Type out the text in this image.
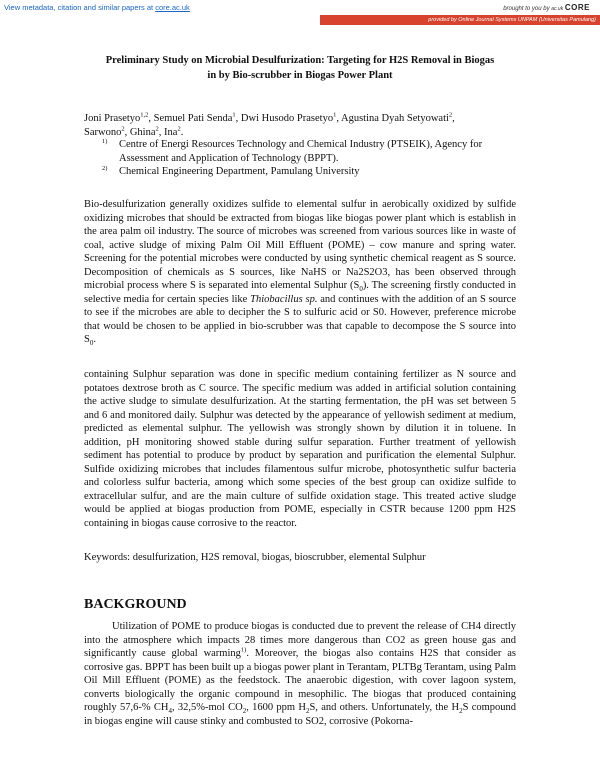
View metadata, citation and similar papers at core.ac.uk	brought to you by ac.uk CORE
provided by Online Journal Systems UNPAM (Universitas Pamulang)
Preliminary Study on Microbial Desulfurization: Targeting for H2S Removal in Biogas
in by Bio-scrubber in Biogas Power Plant
Joni Prasetyo$^{1,2}$, Semuel Pati Senda$^1$, Dwi Husodo Prasetyo$^1$, Agustina Dyah Setyowati$^2$,
Sarwono$^2$, Ghina$^2$, Ina$^2$.
1) Centre of Energi Resources Technology and Chemical Industry (PTSEIK), Agency for
Assessment and Application of Technology (BPPT).
2) Chemical Engineering Department, Pamulang University

Bio-desulfurization generally oxidizes sulfide to elemental sulfur in aerobically oxidized by sulfide oxidizing microbes that should be extracted from biogas like biogas power plant which is establish in the area palm oil industry. The source of microbes was screened from various sources like in waste of coal, active sludge of mixing Palm Oil Mill Effluent (POME) – cow manure and spring water. Screening for the potential microbes were conducted by using synthetic chemical reagent as S source. Decomposition of chemicals as S sources, like NaHS or Na2S2O3, has been observed through microbial process where S is separated into elemental Sulphur $(S_0)$. The screening firstly conducted in selective media for certain species like Thiobacillus sp. and continues with the addition of an S source to see if the microbes are able to decipher the S to sulfuric acid or S0. However, preference microbe that would be chosen to be applied in bio-scrubber was that capable to decompose the S source into $S_0$.

containing Sulphur separation was done in specific medium containing fertilizer as N source and potatoes dextrose broth as C source. The specific medium was added in artificial solution containing the active sludge to simulate desulfurization. At the starting fermentation, the pH was set between 5 and 6 and monitored daily. Sulphur was detected by the appearance of yellowish sediment at medium, predicted as elemental sulphur. The yellowish was strongly shown by dilution it in toluene. In addition, pH monitoring showed stable during sulfur separation. Further treatment of yellowish sediment has potential to produce by product by separation and purification the elemental Sulphur. Sulfide oxidizing microbes that includes filamentous sulfur microbe, photosynthetic sulfur bacteria and colorless sulfur bacteria, among which some species of the best group can oxidize sulfide to extracellular sulfur, and are the main culture of sulfide oxidation stage. This treated active sludge would be applied at biogas production from POME, especially in CSTR because 1200 ppm H2S containing in biogas cause corrosive to the reactor.

Keywords: desulfurization, H2S removal, biogas, bioscrubber, elemental Sulphur

BACKGROUND

Utilization of POME to produce biogas is conducted due to prevent the release of CH4 directly into the atmosphere which impacts 28 times more dangerous than CO2 as green house gas and significantly cause global warming$^{1)}$. Moreover, the biogas also contains H2S that consider as corrosive gas. BPPT has been built up a biogas power plant in Terantam, PLTBg Terantam, using Palm Oil Mill Effluent (POME) as the feedstock. The anaerobic digestion, with cover lagoon system, converts biologically the organic compound in mesophilic. The biogas that produced containing roughly 57,6-% $CH_4$, 32,5%-mol $CO_2$, 1600 ppm $H_2S$, and others. Unfortunately, the $H_2S$ compound in biogas engine will cause stinky and combusted to SO2, corrosive (Pokorna-
